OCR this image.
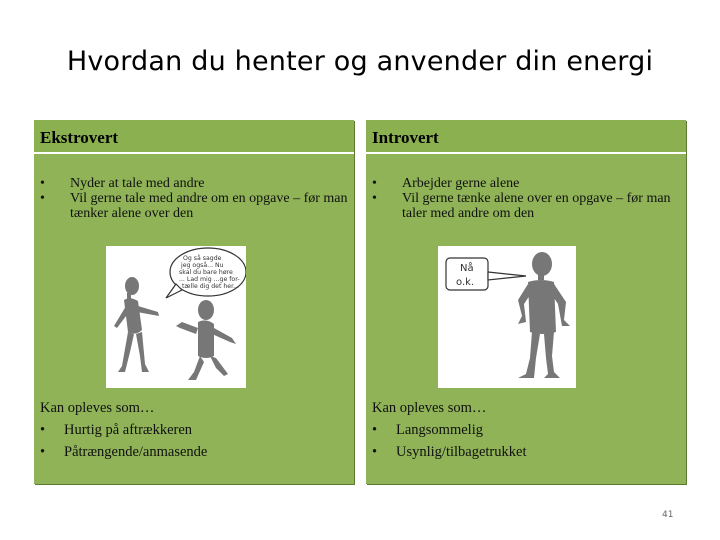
Hvordan du henter og anvender din energi
Ekstrovert
• Nyder at tale med andre
• Vil gerne tale med andre om en opgave – før man tænker alene over den
Og så sagde jeg også... Nu skal du bare høre ... Lad mig ...ge for- tælle dig det her...
Kan opleves som…
• Hurtig på aftrækkeren
• Påtrængende/anmasende
Introvert
• Arbejder gerne alene
• Vil gerne tænke alene over en opgave – før man taler med andre om den
Nå o.k.
Kan opleves som…
• Langsommelig
• Usynlig/tilbagetrukket
41
